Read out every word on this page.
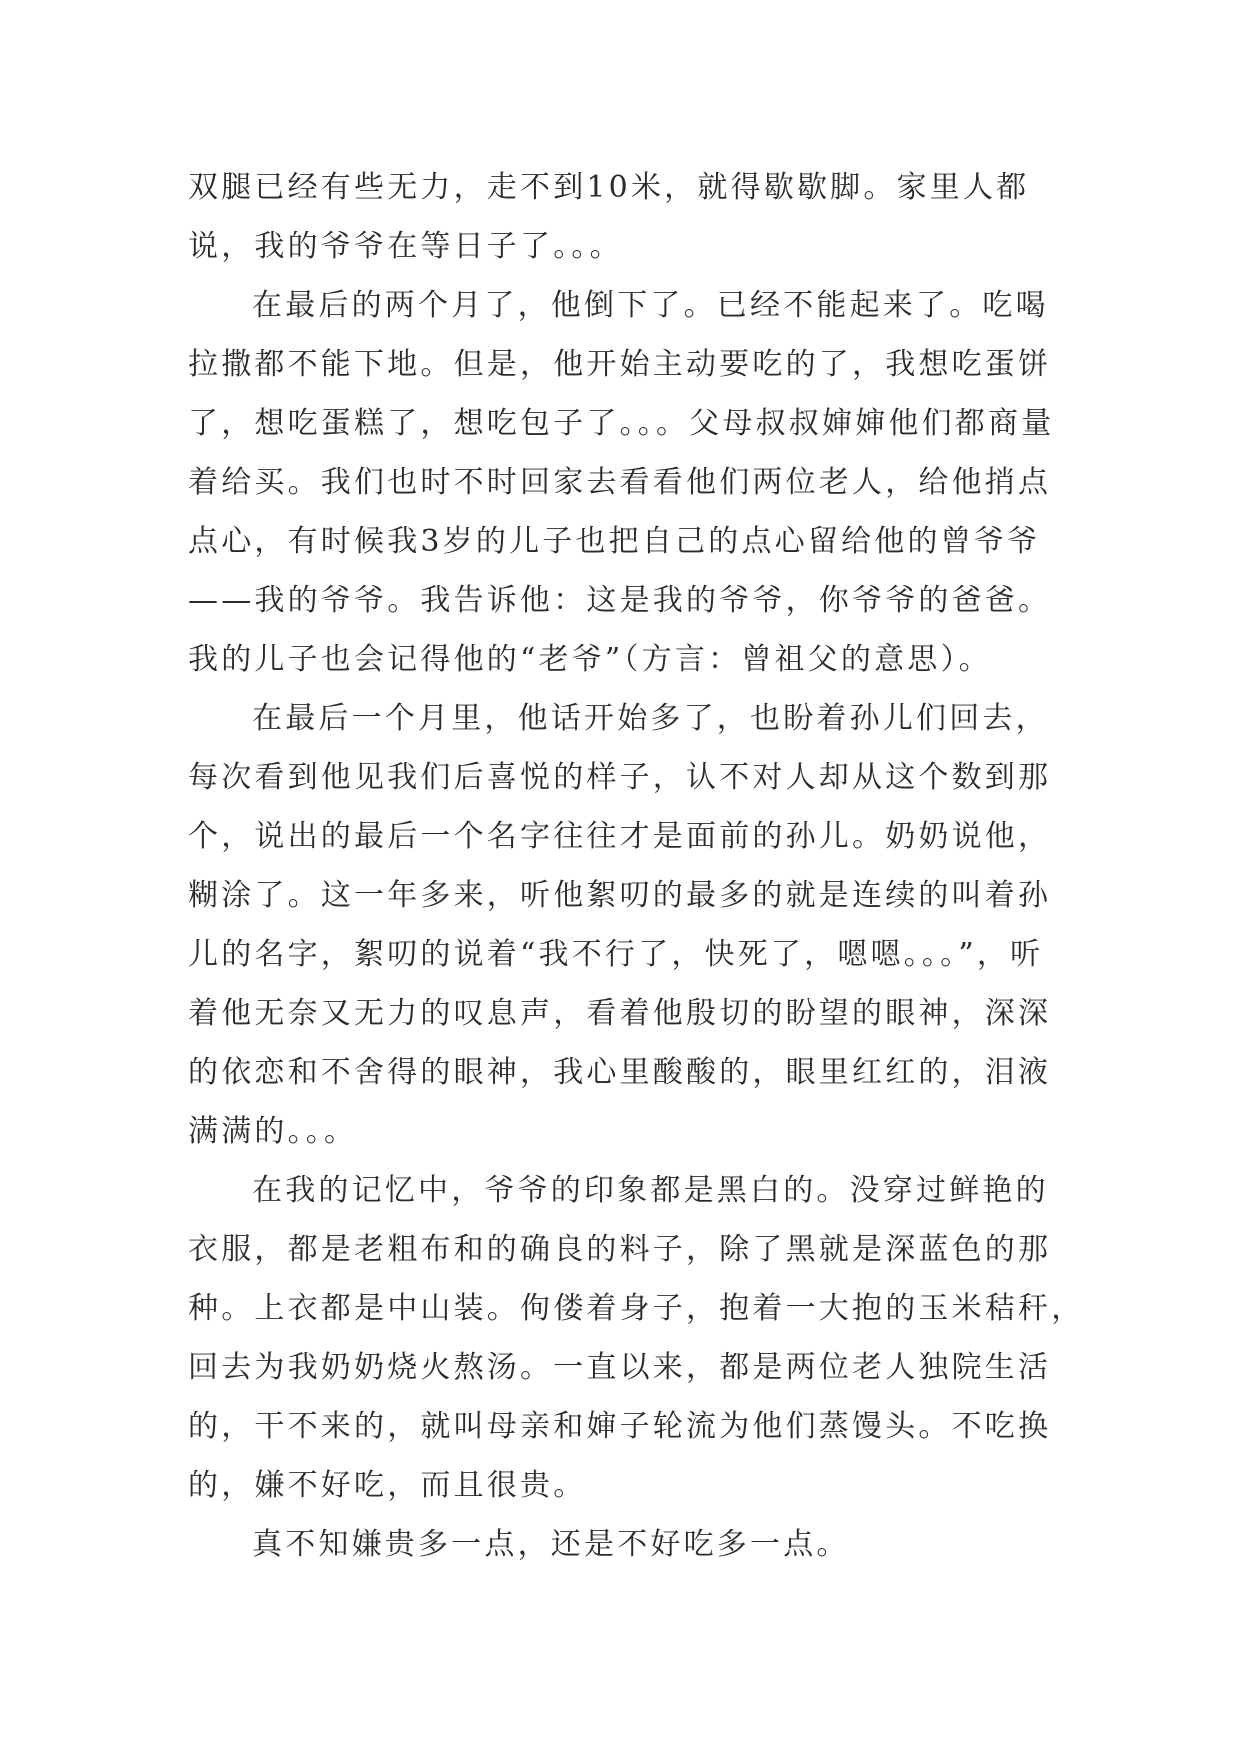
双腿已经有些无力，走不到10米，就得歇歇脚。家里人都
说，我的爷爷在等日子了。。。
在最后的两个月了，他倒下了。已经不能起来了。吃喝
拉撒都不能下地。但是，他开始主动要吃的了，我想吃蛋饼
了，想吃蛋糕了，想吃包子了。。。父母叔叔婶婶他们都商量
着给买。我们也时不时回家去看看他们两位老人，给他捎点
点心，有时候我3岁的儿子也把自己的点心留给他的曾爷爷
——我的爷爷。我告诉他：这是我的爷爷，你爷爷的爸爸。
我的儿子也会记得他的“老爷”（方言：曾祖父的意思）。
在最后一个月里，他话开始多了，也盼着孙儿们回去，
每次看到他见我们后喜悦的样子，认不对人却从这个数到那
个，说出的最后一个名字往往才是面前的孙儿。奶奶说他，
糊涂了。这一年多来，听他絮叨的最多的就是连续的叫着孙
儿的名字，絮叨的说着“我不行了，快死了，嗯嗯。。。”，听
着他无奈又无力的叹息声，看着他殷切的盼望的眼神，深深
的依恋和不舍得的眼神，我心里酸酸的，眼里红红的，泪液
满满的。。。
在我的记忆中，爷爷的印象都是黑白的。没穿过鲜艳的
衣服，都是老粗布和的确良的料子，除了黑就是深蓝色的那
种。上衣都是中山装。佝偻着身子，抱着一大抱的玉米秸秆，
回去为我奶奶烧火熬汤。一直以来，都是两位老人独院生活
的，干不来的，就叫母亲和婶子轮流为他们蒸馒头。不吃换
的，嫌不好吃，而且很贵。
真不知嫌贵多一点，还是不好吃多一点。
